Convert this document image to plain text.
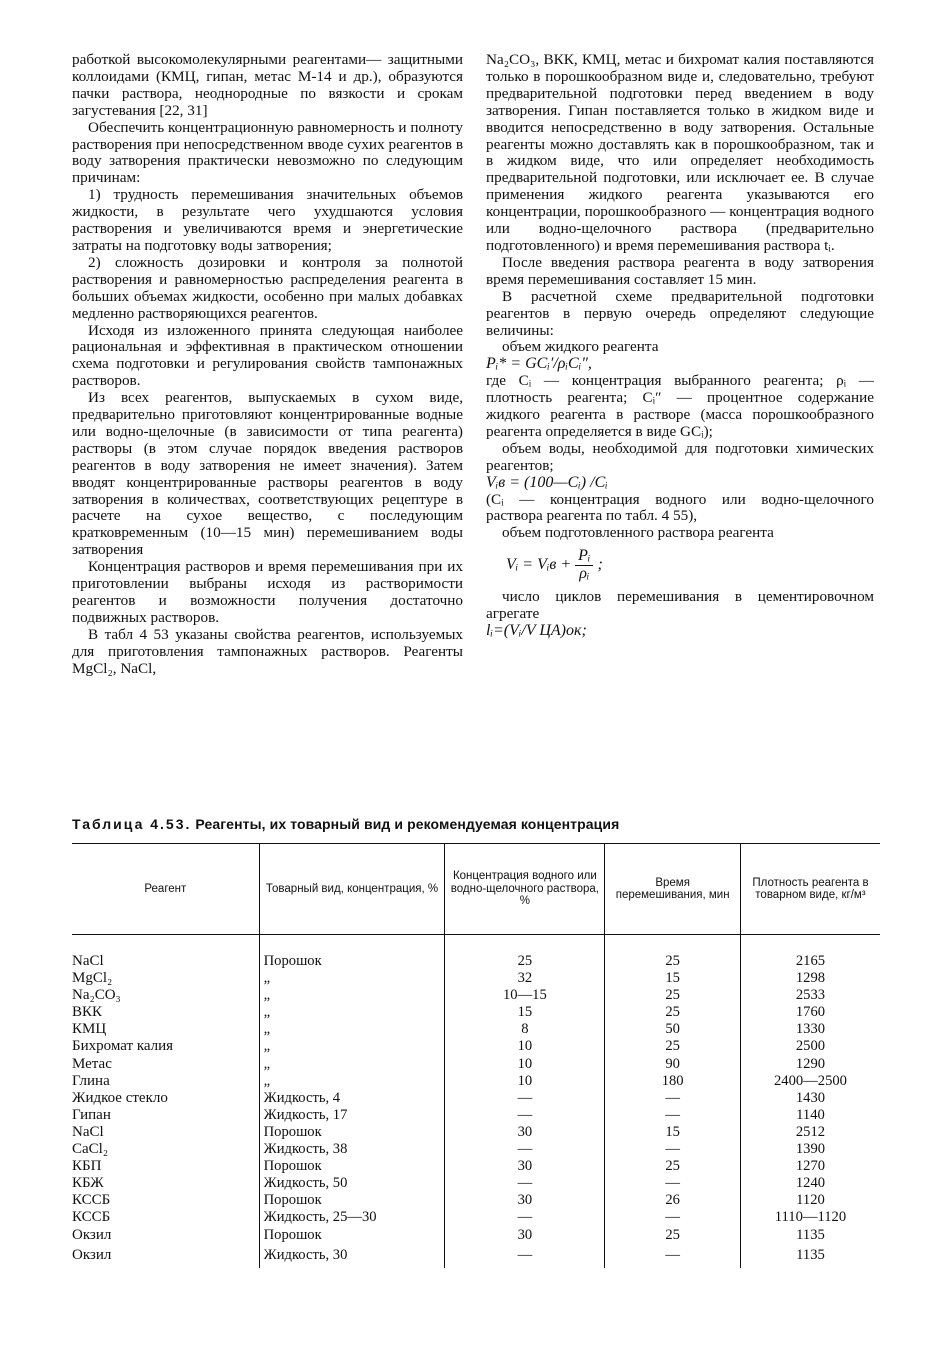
работкой высокомолекулярными реагентами— защитными коллоидами (КМЦ, гипан, метас М-14 и др.), образуются пачки раствора, неоднородные по вязкости и срокам загустевания [22, 31]

Обеспечить концентрационную равномерность и полноту растворения при непосредственном вводе сухих реагентов в воду затворения практически невозможно по следующим причинам:

1) трудность перемешивания значительных объемов жидкости, в результате чего ухудшаются условия растворения и увеличиваются время и энергетические затраты на подготовку воды затворения;

2) сложность дозировки и контроля за полнотой растворения и равномерностью распределения реагента в больших объемах жидкости, особенно при малых добавках медленно растворяющихся реагентов.

Исходя из изложенного принята следующая наиболее рациональная и эффективная в практическом отношении схема подготовки и регулирования свойств тампонажных растворов.

Из всех реагентов, выпускаемых в сухом виде, предварительно приготовляют концентрированные водные или водно-щелочные (в зависимости от типа реагента) растворы (в этом случае порядок введения растворов реагентов в воду затворения не имеет значения). Затем вводят концентрированные растворы реагентов в воду затворения в количествах, соответствующих рецептуре в расчете на сухое вещество, с последующим кратковременным (10—15 мин) перемешиванием воды затворения

Концентрация растворов и время перемешивания при их приготовлении выбраны исходя из растворимости реагентов и возможности получения достаточно подвижных растворов.

В табл 4 53 указаны свойства реагентов, используемых для приготовления тампонажных растворов. Реагенты MgCl₂, NaCl,

Na₂CO₃, ВКК, КМЦ, метас и бихромат калия поставляются только в порошкообразном виде и, следовательно, требуют предварительной подготовки перед введением в воду затворения. Гипан поставляется только в жидком виде и вводится непосредственно в воду затворения. Остальные реагенты можно доставлять как в порошкообразном, так и в жидком виде, что или определяет необходимость предварительной подготовки, или исключает ее. В случае применения жидкого реагента указываются его концентрации, порошкообразного — концентрация водного или водно-щелочного раствора (предварительно подготовленного) и время перемешивания раствора tᵢ.

После введения раствора реагента в воду затворения время перемешивания составляет 15 мин.

В расчетной схеме предварительной подготовки реагентов в первую очередь определяют следующие величины:

объем жидкого реагента

Pᵢ* = GCᵢ′/ρᵢCᵢ″,

где Cᵢ — концентрация выбранного реагента; ρᵢ — плотность реагента; Cᵢ″ — процентное содержание жидкого реагента в растворе (масса порошкообразного реагента определяется в виде GCᵢ);

объем воды, необходимой для подготовки химических реагентов;

Vᵢв = (100—Cᵢ) /Cᵢ

(Cᵢ — концентрация водного или водно-щелочного раствора реагента по табл. 4 55),

объем подготовленного раствора реагента

Vᵢ = Vᵢв + $\frac{\text{Pᵢ}}{\text{ρᵢ}}$ ;

число циклов перемешивания в цементировочном агрегате

lᵢ=(Vᵢ/V ЦА)ок;

Таблица 4.53. Реагенты, их товарный вид и рекомендуемая концентрация
Реагент	Товарный вид, концентрация, %	Концентрация водного или водно-щелочного раствора, %	Время перемешивания, мин	Плотность реагента в товарном виде, кг/м³
NaCl	Порошок	25	25	2165
MgCl₂	„	32	15	1298
Na₂CO₃	„	10—15	25	2533
ВКК	„	15	25	1760
КМЦ	„	8	50	1330
Бихромат калия	„	10	25	2500
Метас	„	10	90	1290
Глина	„	10	180	2400—2500
Жидкое стекло	Жидкость, 4	—	—	1430
Гипан	Жидкость, 17	—	—	1140
NaCl	Порошок	30	15	2512
CaCl₂	Жидкость, 38	—	—	1390
КБП	Порошок	30	25	1270
КБЖ	Жидкость, 50	—	—	1240
КССБ	Порошок	30	26	1120
КССБ	Жидкость, 25—30	—	—	1110—1120
Окзил	Порошок	30	25	1135
Окзил	Жидкость, 30	—	—	1135
